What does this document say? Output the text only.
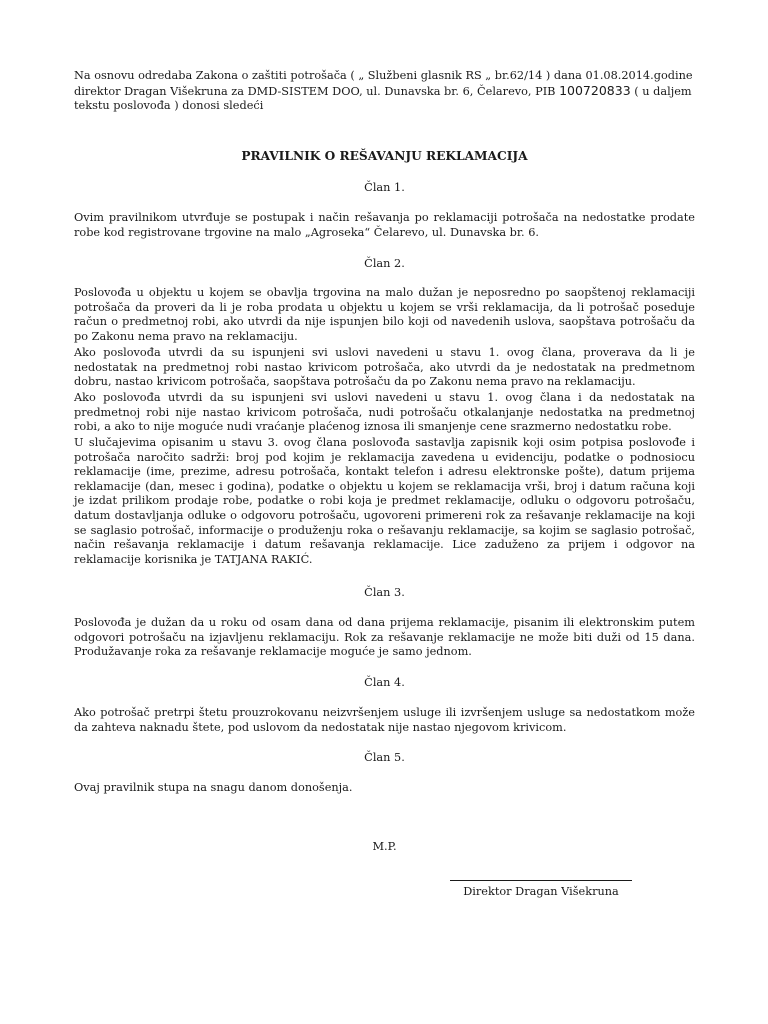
Na osnovu odredaba Zakona o zaštiti potrošača ( „ Službeni glasnik RS „ br.62/14 ) dana 01.08.2014.godine direktor Dragan Višekruna za DMD-SISTEM DOO, ul. Dunavska br. 6, Čelarevo, PIB 100720833 ( u daljem tekstu poslovođa ) donosi sledeći

PRAVILNIK O REŠAVANJU REKLAMACIJA

Član 1.

Ovim pravilnikom utvrđuje se postupak i način rešavanja po reklamaciji potrošača na nedostatke prodate robe kod registrovane trgovine na malo „Agroseka“ Čelarevo, ul. Dunavska br. 6.

Član 2.

Poslovođa u objektu u kojem se obavlja trgovina na malo dužan je neposredno po saopštenoj reklamaciji potrošača da proveri da li je roba prodata u objektu u kojem se vrši reklamacija, da li potrošač poseduje račun o predmetnoj robi, ako utvrdi da nije ispunjen bilo koji od navedenih uslova, saopštava potrošaču da po Zakonu nema pravo na reklamaciju.

Ako poslovođa utvrdi da su ispunjeni svi uslovi navedeni u stavu 1. ovog člana, proverava da li je nedostatak na predmetnoj robi nastao krivicom potrošača, ako utvrdi da je nedostatak na predmetnom dobru, nastao krivicom potrošača, saopštava potrošaču da po Zakonu nema pravo na reklamaciju.

Ako poslovođa utvrdi da su ispunjeni svi uslovi navedeni u stavu 1. ovog člana i da nedostatak na predmetnoj robi nije nastao krivicom potrošača, nudi potrošaču otkalanjanje nedostatka na predmetnoj robi, a ako to nije moguće nudi vraćanje plaćenog iznosa ili smanjenje cene srazmerno nedostatku robe.

U slučajevima opisanim u stavu 3. ovog člana poslovođa sastavlja zapisnik koji osim potpisa poslovođe i potrošača naročito sadrži: broj pod kojim je reklamacija zavedena u evidenciju, podatke o podnosiocu reklamacije (ime, prezime, adresu potrošača, kontakt telefon i adresu elektronske pošte), datum prijema reklamacije (dan, mesec i godina), podatke o objektu u kojem se reklamacija vrši, broj i datum računa koji je izdat prilikom prodaje robe, podatke o robi koja je predmet reklamacije, odluku o odgovoru potrošaču, datum dostavljanja odluke o odgovoru potrošaču, ugovoreni primereni rok za rešavanje reklamacije na koji se saglasio potrošač, informacije o produženju roka o rešavanju reklamacije, sa kojim se saglasio potrošač, način rešavanja reklamacije i datum rešavanja reklamacije. Lice zaduženo za prijem i odgovor na reklamacije korisnika je TATJANA RAKIĆ.

Član 3.

Poslovođa je dužan da u roku od osam dana od dana prijema reklamacije, pisanim ili elektronskim putem odgovori potrošaču na izjavljenu reklamaciju. Rok za rešavanje reklamacije ne može biti duži od 15 dana. Produžavanje roka za rešavanje reklamacije moguće je samo jednom.

Član 4.

Ako potrošač pretrpi štetu prouzrokovanu neizvršenjem usluge ili izvršenjem usluge sa nedostatkom može da zahteva naknadu štete, pod uslovom da nedostatak nije nastao njegovom krivicom.

Član 5.

Ovaj pravilnik stupa na snagu danom donošenja.

M.P.

Direktor Dragan Višekruna
